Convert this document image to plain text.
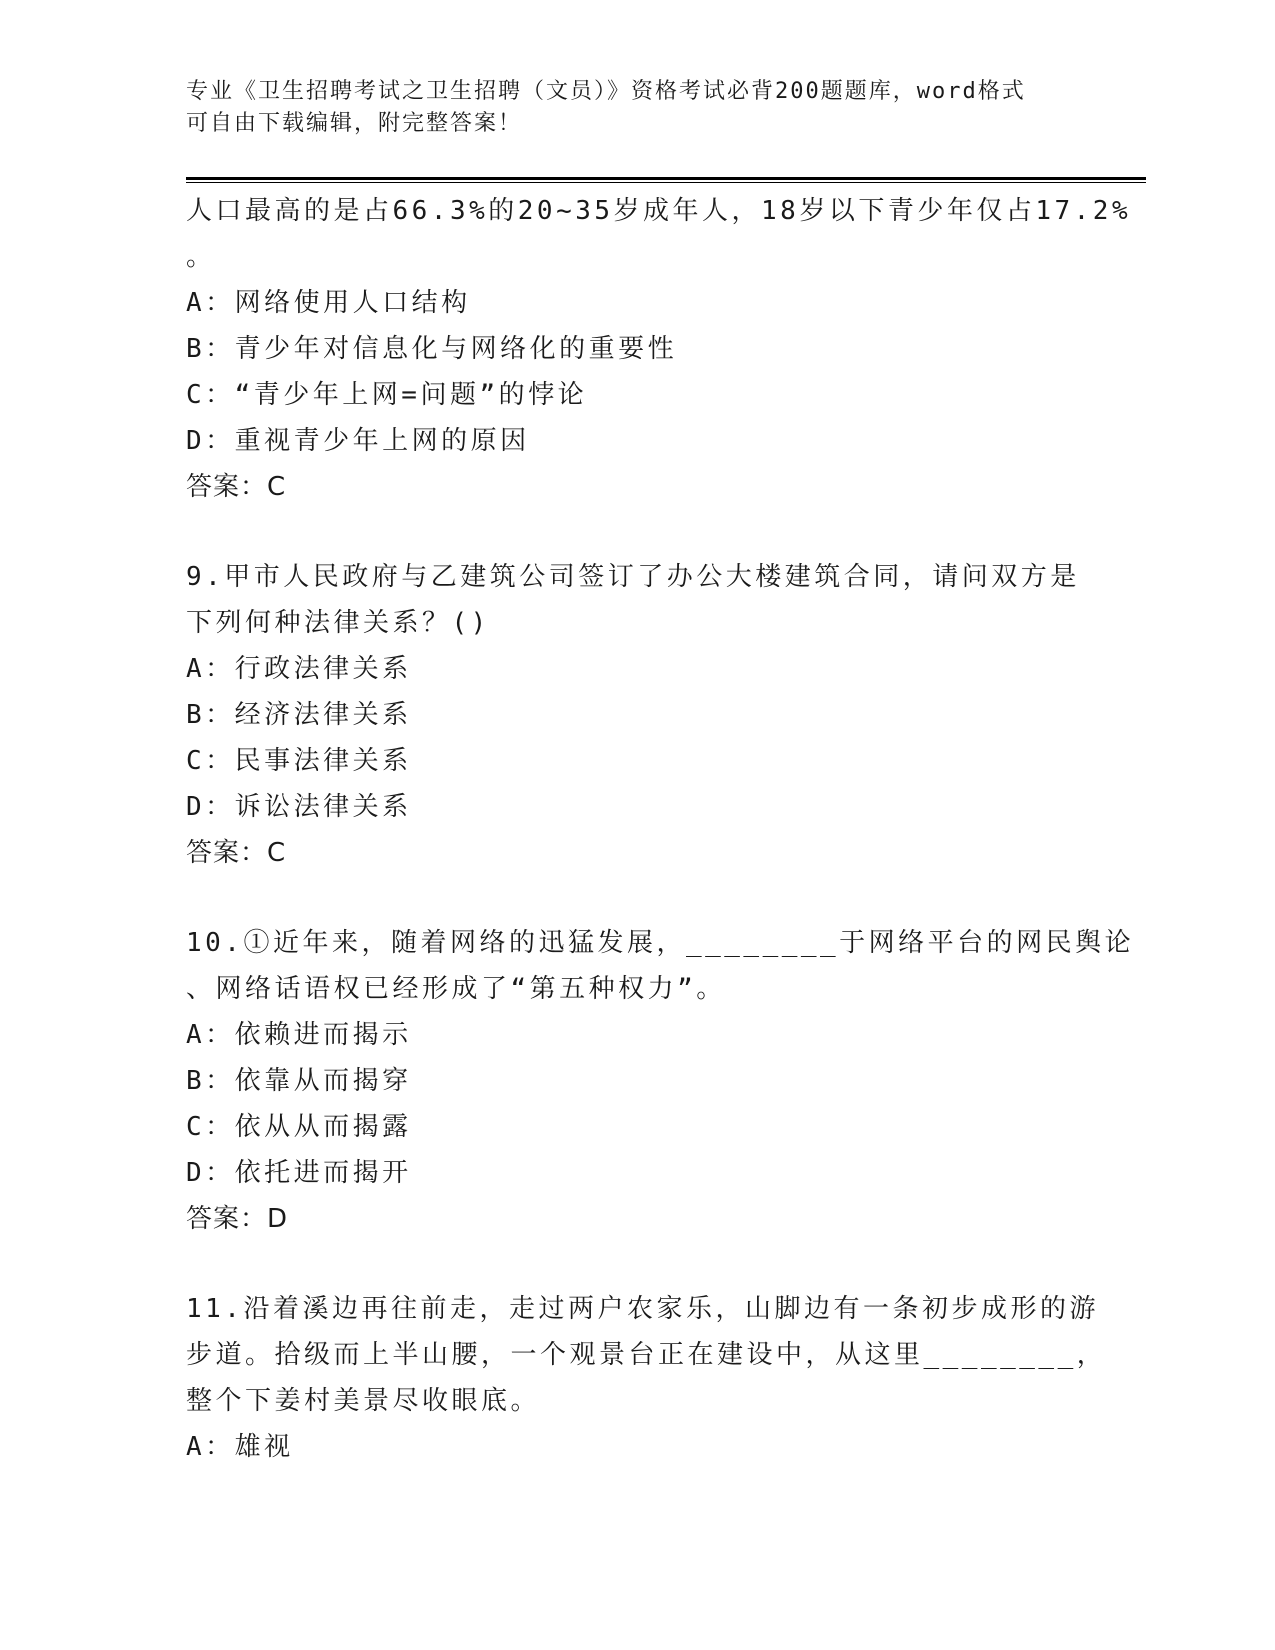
专业《卫生招聘考试之卫生招聘（文员）》资格考试必背200题题库，word格式

可自由下载编辑，附完整答案！

人口最高的是占66.3%的20~35岁成年人，18岁以下青少年仅占17.2%
。
A：网络使用人口结构
B：青少年对信息化与网络化的重要性
C：“青少年上网=问题”的悖论
D：重视青少年上网的原因
答案：C
9.甲市人民政府与乙建筑公司签订了办公大楼建筑合同，请问双方是
下列何种法律关系？()
A：行政法律关系
B：经济法律关系
C：民事法律关系
D：诉讼法律关系
答案：C
10.①近年来，随着网络的迅猛发展，________于网络平台的网民舆论
、网络话语权已经形成了“第五种权力”。
A：依赖进而揭示
B：依靠从而揭穿
C：依从从而揭露
D：依托进而揭开
答案：D
11.沿着溪边再往前走，走过两户农家乐，山脚边有一条初步成形的游
步道。拾级而上半山腰，一个观景台正在建设中，从这里________，
整个下姜村美景尽收眼底。
A：雄视
